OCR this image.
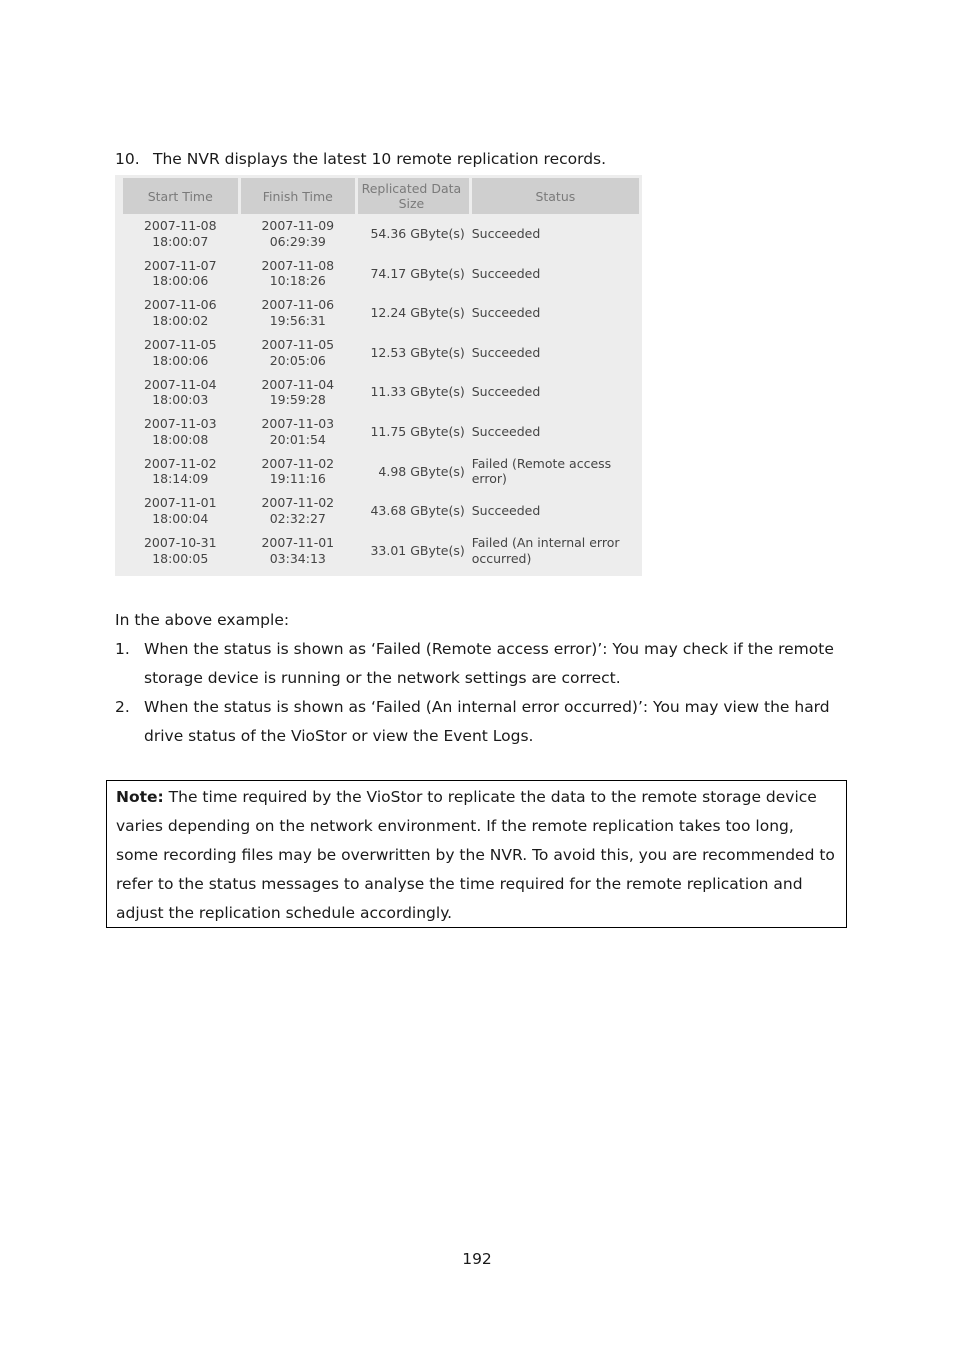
10. The NVR displays the latest 10 remote replication records.
Start Time	Finish Time	Replicated Data Size	Status
2007-11-08
18:00:07	2007-11-09
06:29:39	54.36 GByte(s)	Succeeded
2007-11-07
18:00:06	2007-11-08
10:18:26	74.17 GByte(s)	Succeeded
2007-11-06
18:00:02	2007-11-06
19:56:31	12.24 GByte(s)	Succeeded
2007-11-05
18:00:06	2007-11-05
20:05:06	12.53 GByte(s)	Succeeded
2007-11-04
18:00:03	2007-11-04
19:59:28	11.33 GByte(s)	Succeeded
2007-11-03
18:00:08	2007-11-03
20:01:54	11.75 GByte(s)	Succeeded
2007-11-02
18:14:09	2007-11-02
19:11:16	4.98 GByte(s)	Failed (Remote access error)
2007-11-01
18:00:04	2007-11-02
02:32:27	43.68 GByte(s)	Succeeded
2007-10-31
18:00:05	2007-11-01
03:34:13	33.01 GByte(s)	Failed (An internal error occurred)
In the above example:
1. When the status is shown as ‘Failed (Remote access error)’: You may check if the remote storage device is running or the network settings are correct.
2. When the status is shown as ‘Failed (An internal error occurred)’: You may view the hard drive status of the VioStor or view the Event Logs.
Note: The time required by the VioStor to replicate the data to the remote storage device varies depending on the network environment. If the remote replication takes too long, some recording files may be overwritten by the NVR. To avoid this, you are recommended to refer to the status messages to analyse the time required for the remote replication and adjust the replication schedule accordingly.
192
